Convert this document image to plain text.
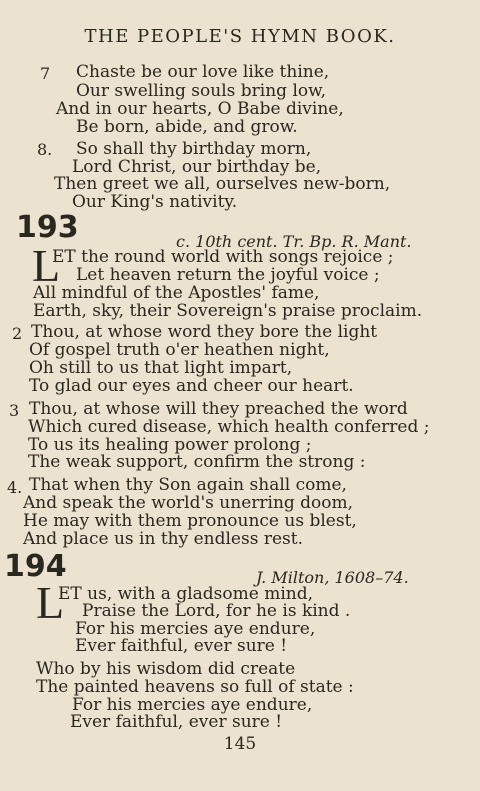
THE PEOPLE'S HYMN BOOK.
7 Chaste be our love like thine,
Our swelling souls bring low,
And in our hearts, O Babe divine,
Be born, abide, and grow.
8. So shall thy birthday morn,
Lord Christ, our birthday be,
Then greet we all, ourselves new-born,
Our King's nativity.
193	c. 10th cent. Tr. Bp. R. Mant.
L
ET the round world with songs rejoice ;
Let heaven return the joyful voice ;
All mindful of the Apostles' fame,
Earth, sky, their Sovereign's praise proclaim.
2 Thou, at whose word they bore the light
Of gospel truth o'er heathen night,
Oh still to us that light impart,
To glad our eyes and cheer our heart.
3 Thou, at whose will they preached the word
Which cured disease, which health conferred ;
To us its healing power prolong ;
The weak support, confirm the strong :
4. That when thy Son again shall come,
And speak the world's unerring doom,
He may with them pronounce us blest,
And place us in thy endless rest.
194	J. Milton, 1608–74.
L
ET us, with a gladsome mind,
Praise the Lord, for he is kind .
For his mercies aye endure,
Ever faithful, ever sure !
Who by his wisdom did create
The painted heavens so full of state :
For his mercies aye endure,
Ever faithful, ever sure !
145
